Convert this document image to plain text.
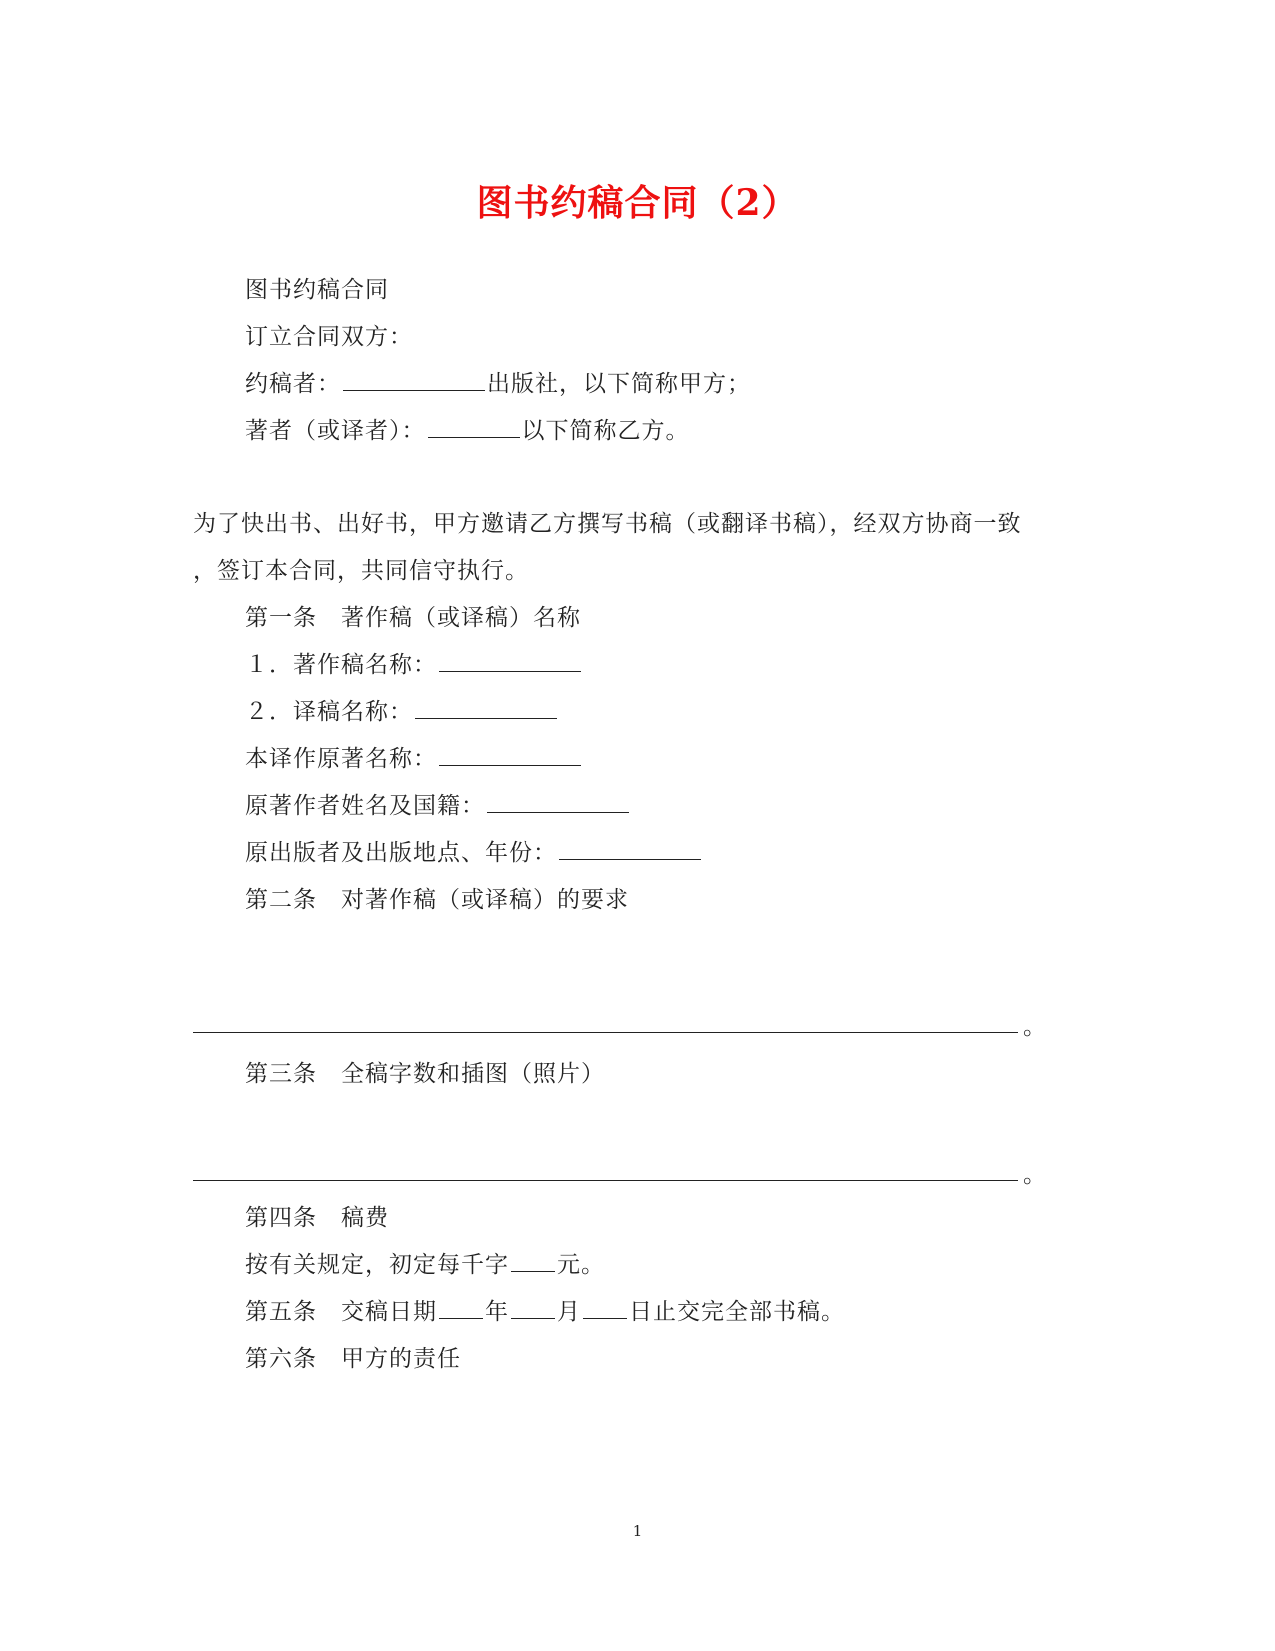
图书约稿合同（2）
图书约稿合同
订立合同双方：
约稿者：	出版社，以下简称甲方；
著者（或译者）：	以下简称乙方。
为了快出书、出好书，甲方邀请乙方撰写书稿（或翻译书稿），经双方协商一致
，签订本合同，共同信守执行。
第一条　著作稿（或译稿）名称
１．著作稿名称：
２．译稿名称：
本译作原著名称：
原著作者姓名及国籍：
原出版者及出版地点、年份：
第二条　对著作稿（或译稿）的要求
。
第三条　全稿字数和插图（照片）
。
第四条　稿费
按有关规定，初定每千字 元。
第五条　交稿日期 年 月 日止交完全部书稿。
第六条　甲方的责任
1
